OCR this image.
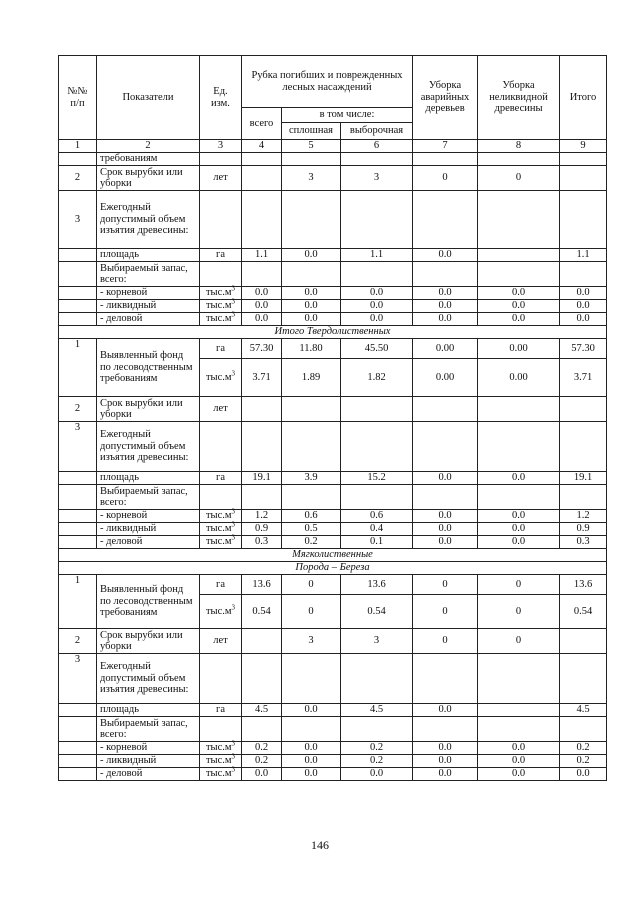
№№ п/п	Показатели	Ед. изм.	Рубка погибших и поврежденных лесных насаждений			Уборка аварийных деревьев	Уборка неликвидной древесины	Итого
			всего	в том числе:				
				сплошная	выборочная			
1	2	3	4	5	6	7	8	9
	требованиям							
2	Срок вырубки или уборки	лет		3	3	0	0	
3	Ежегодный допустимый объем изъятия древесины:							
	площадь	га	1.1	0.0	1.1	0.0		1.1
	Выбираемый запас, всего:							
	- корневой	$тыс.м^3$	0.0	0.0	0.0	0.0	0.0	0.0
	- ликвидный	$тыс.м^3$	0.0	0.0	0.0	0.0	0.0	0.0
	- деловой	$тыс.м^3$	0.0	0.0	0.0	0.0	0.0	0.0
Итого Твердолиственных								
1	Выявленный фонд по лесоводственным требованиям	га	57.30	11.80	45.50	0.00	0.00	57.30
		$тыс.м^3$	3.71	1.89	1.82	0.00	0.00	3.71
2	Срок вырубки или уборки	лет						
3	Ежегодный допустимый объем изъятия древесины:							
	площадь	га	19.1	3.9	15.2	0.0	0.0	19.1
	Выбираемый запас, всего:							
	- корневой	$тыс.м^3$	1.2	0.6	0.6	0.0	0.0	1.2
	- ликвидный	$тыс.м^3$	0.9	0.5	0.4	0.0	0.0	0.9
	- деловой	$тыс.м^3$	0.3	0.2	0.1	0.0	0.0	0.3
Мягколиственные								
Порода – Береза								
1	Выявленный фонд по лесоводственным требованиям	га	13.6	0	13.6	0	0	13.6
		$тыс.м^3$	0.54	0	0.54	0	0	0.54
2	Срок вырубки или уборки	лет		3	3	0	0	
3	Ежегодный допустимый объем изъятия древесины:							
	площадь	га	4.5	0.0	4.5	0.0		4.5
	Выбираемый запас, всего:							
	- корневой	$тыс.м^3$	0.2	0.0	0.2	0.0	0.0	0.2
	- ликвидный	$тыс.м^3$	0.2	0.0	0.2	0.0	0.0	0.2
	- деловой	$тыс.м^3$	0.0	0.0	0.0	0.0	0.0	0.0
146
